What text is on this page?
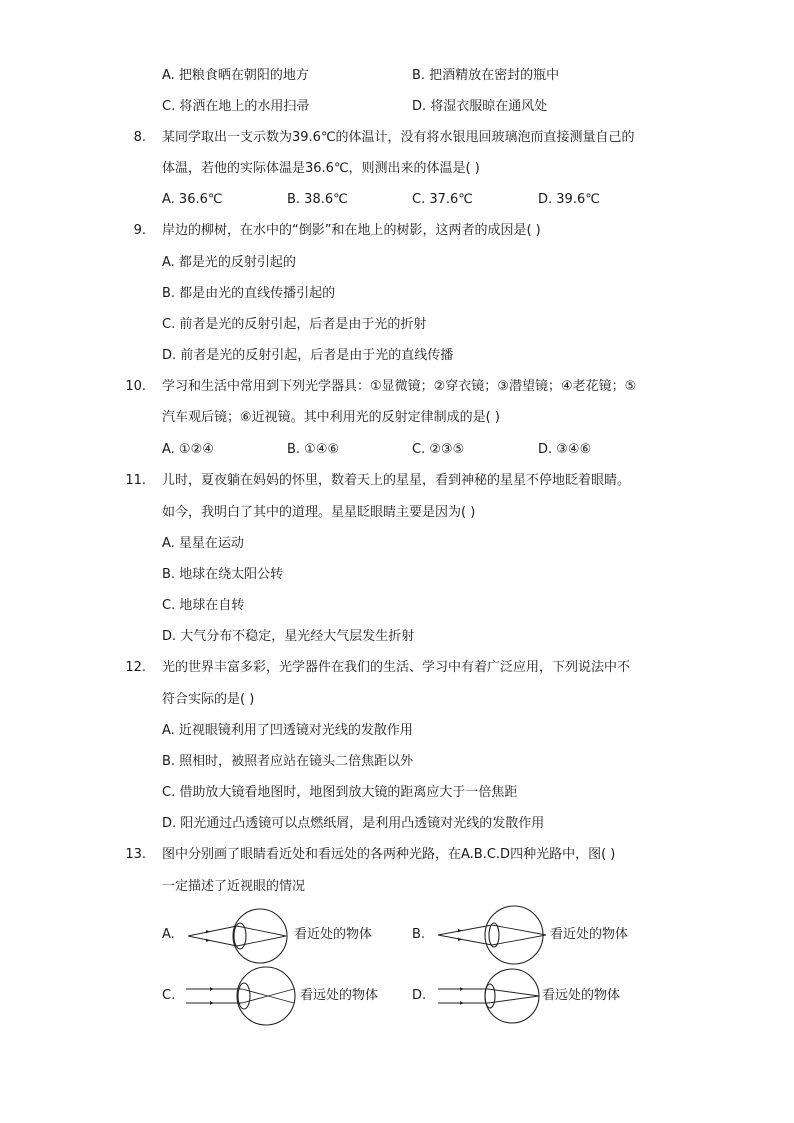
A. 把粮食晒在朝阳的地方	B. 把酒精放在密封的瓶中
C. 将洒在地上的水用扫帚	D. 将湿衣服晾在通风处
8. 某同学取出一支示数为39.6℃的体温计，没有将水银甩回玻璃泡而直接测量自己的
体温，若他的实际体温是36.6℃，则测出来的体温是( )
A. 36.6℃	B. 38.6℃	C. 37.6℃	D. 39.6℃
9. 岸边的柳树，在水中的“倒影”和在地上的树影，这两者的成因是( )
A. 都是光的反射引起的
B. 都是由光的直线传播引起的
C. 前者是光的反射引起，后者是由于光的折射
D. 前者是光的反射引起，后者是由于光的直线传播
10. 学习和生活中常用到下列光学器具：①显微镜；②穿衣镜；③潜望镜；④老花镜；⑤
汽车观后镜；⑥近视镜。其中利用光的反射定律制成的是( )
A. ①②④	B. ①④⑥	C. ②③⑤	D. ③④⑥
11. 儿时，夏夜躺在妈妈的怀里，数着天上的星星，看到神秘的星星不停地眨着眼睛。
如今，我明白了其中的道理。星星眨眼睛主要是因为( )
A. 星星在运动
B. 地球在绕太阳公转
C. 地球在自转
D. 大气分布不稳定，星光经大气层发生折射
12. 光的世界丰富多彩，光学器件在我们的生活、学习中有着广泛应用，下列说法中不
符合实际的是( )
A. 近视眼镜利用了凹透镜对光线的发散作用
B. 照相时，被照者应站在镜头二倍焦距以外
C. 借助放大镜看地图时，地图到放大镜的距离应大于一倍焦距
D. 阳光通过凸透镜可以点燃纸屑，是利用凸透镜对光线的发散作用
13. 图中分别画了眼睛看近处和看远处的各两种光路，在A.B.C.D四种光路中，图( )
一定描述了近视眼的情况
A.	看近处的物体	B.	看近处的物体
C.	看远处的物体	D.	看远处的物体
